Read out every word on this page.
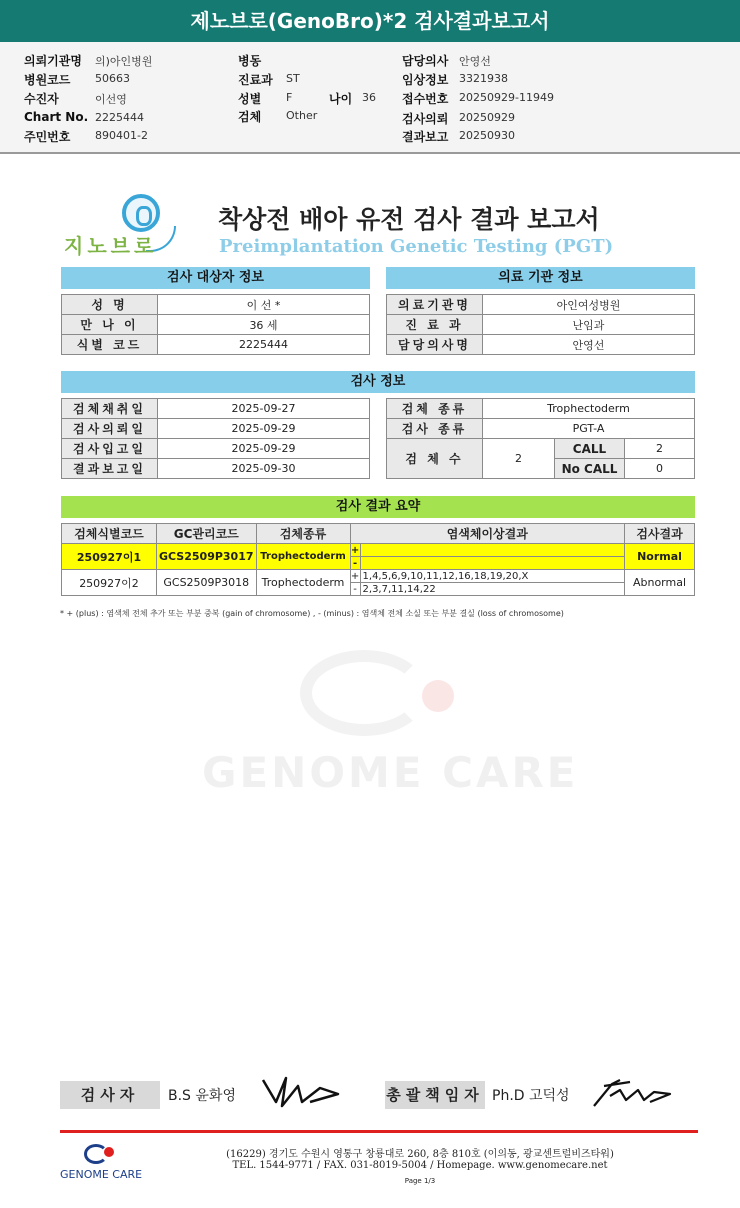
제노브로(GenoBro)*2 검사결과보고서
의뢰기관명 의)아인병원
병원코드 50663
수진자	이선영
Chart No. 2225444
주민번호 890401-2
병동
진료과 ST
성별 F	나이 36
검체 Other
담당의사 안영선
임상정보 3321938
접수번호 20250929-11949
검사의뢰 20250929
결과보고 20250930
지노브로
착상전 배아 유전 검사 결과 보고서
Preimplantation Genetic Testing (PGT)
검사 대상자 정보
성 명	이 선 *
만 나 이	36 세
식별 코드	2225444
의료 기관 정보
의료기관명	아인여성병원
진 료 과	난임과
담당의사명	안영선
검사 정보
검체채취일	2025-09-27
검사의뢰일	2025-09-29
검사입고일	2025-09-29
결과보고일	2025-09-30
검체 종류	Trophectoderm		
검사 종류	PGT-A		
검 체 수	2	CALL	2
		No CALL	0
검사 결과 요약
검체식별코드	GC관리코드	검체종류	염색체이상결과		검사결과
250927이1	GCS2509P3017	Trophectoderm	+		Normal
			-		
250927이2	GCS2509P3018	Trophectoderm	+	1,4,5,6,9,10,11,12,16,18,19,20,X	Abnormal
			-	2,3,7,11,14,22	
* + (plus) : 염색체 전체 추가 또는 부분 중복 (gain of chromosome) , - (minus) : 염색체 전체 소실 또는 부분 결실 (loss of chromosome)
GENOME CARE
검사자	B.S 윤화영	총괄책임자 Ph.D 고덕성
GENOME CARE
(16229) 경기도 수원시 영통구 창룡대로 260, 8층 810호 (이의동, 광교센트럴비즈타워)
TEL. 1544-9771 / FAX. 031-8019-5004 / Homepage. www.genomecare.net
Page 1/3
